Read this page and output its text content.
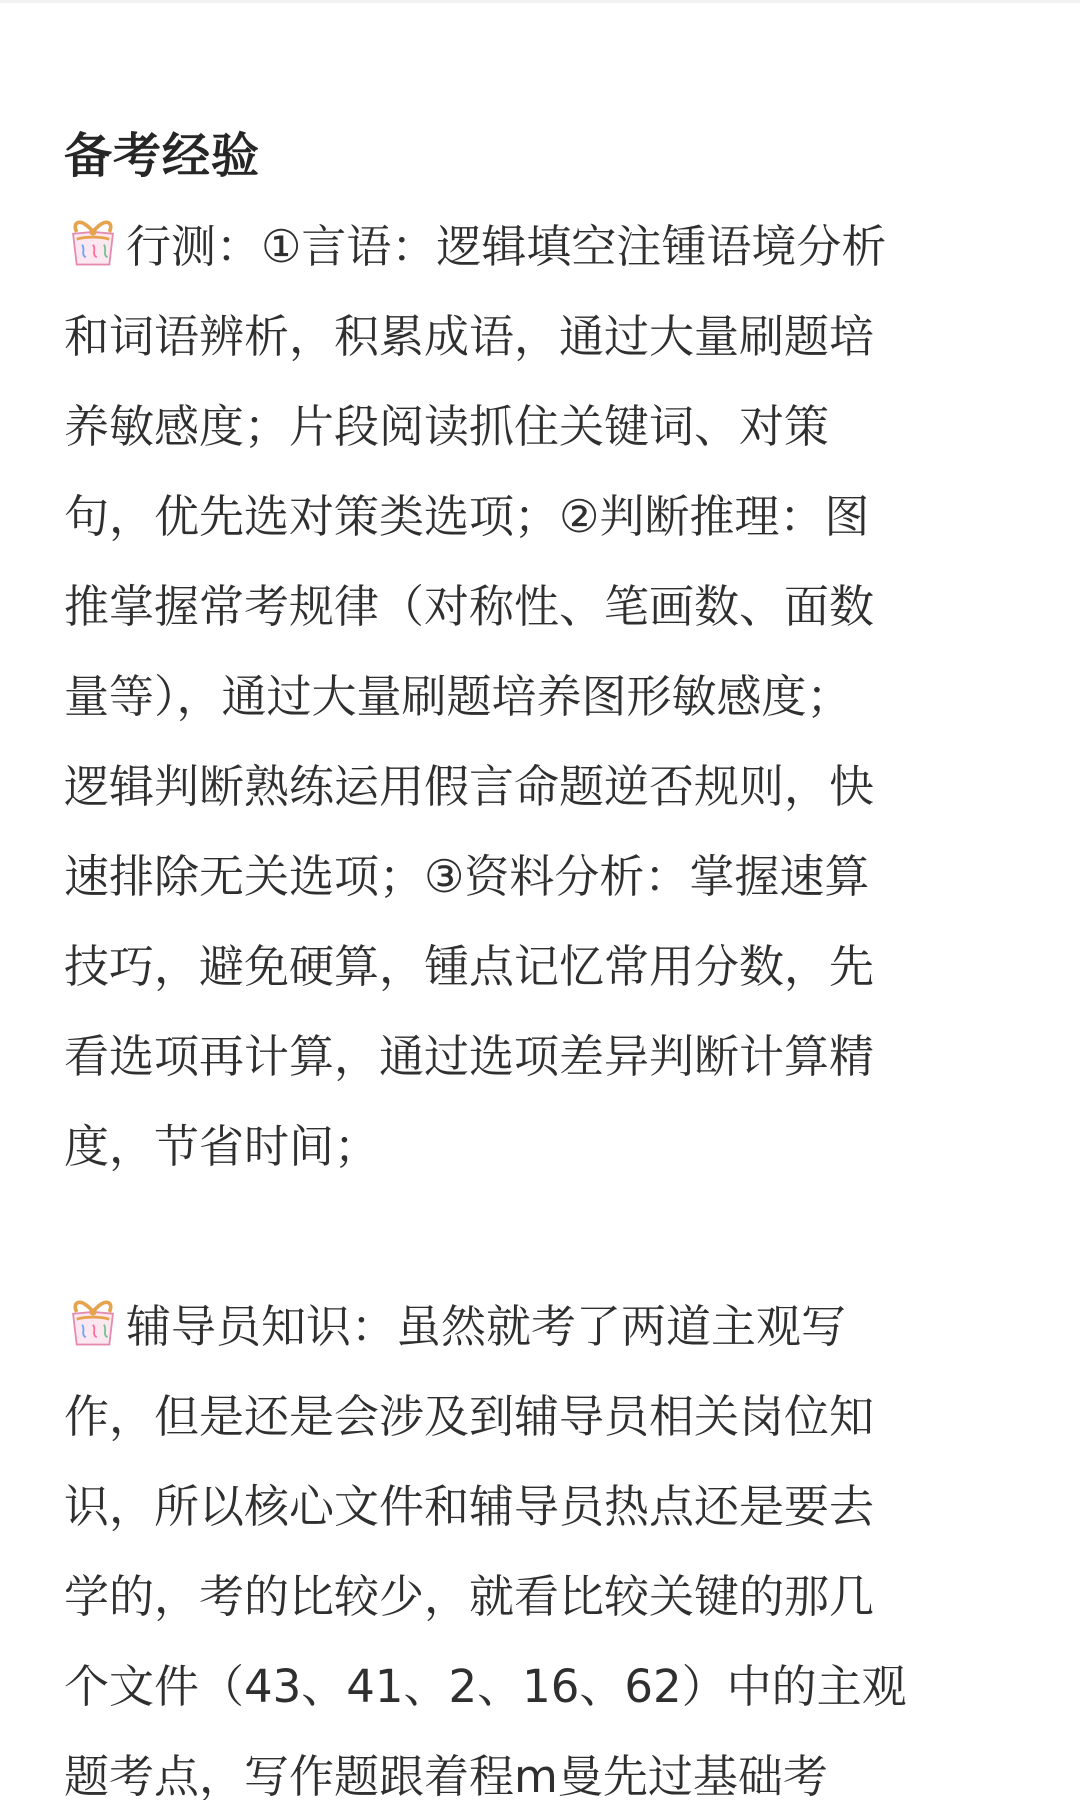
备考经验
行测：①言语：逻辑填空注锺语境分析
和词语辨析，积累成语，通过大量刷题培
养敏感度；片段阅读抓住关键词、对策
句，优先选对策类选项；②判断推理：图
推掌握常考规律（对称性、笔画数、面数
量等），通过大量刷题培养图形敏感度；
逻辑判断熟练运用假言命题逆否规则，快
速排除无关选项；③资料分析：掌握速算
技巧，避免硬算，锺点记忆常用分数，先
看选项再计算，通过选项差异判断计算精
度，节省时间；
辅导员知识：虽然就考了两道主观写
作，但是还是会涉及到辅导员相关岗位知
识，所以核心文件和辅导员热点还是要去
学的，考的比较少，就看比较关键的那几
个文件（43、41、2、16、62）中的主观
题考点，写作题跟着程m曼先过基础考
